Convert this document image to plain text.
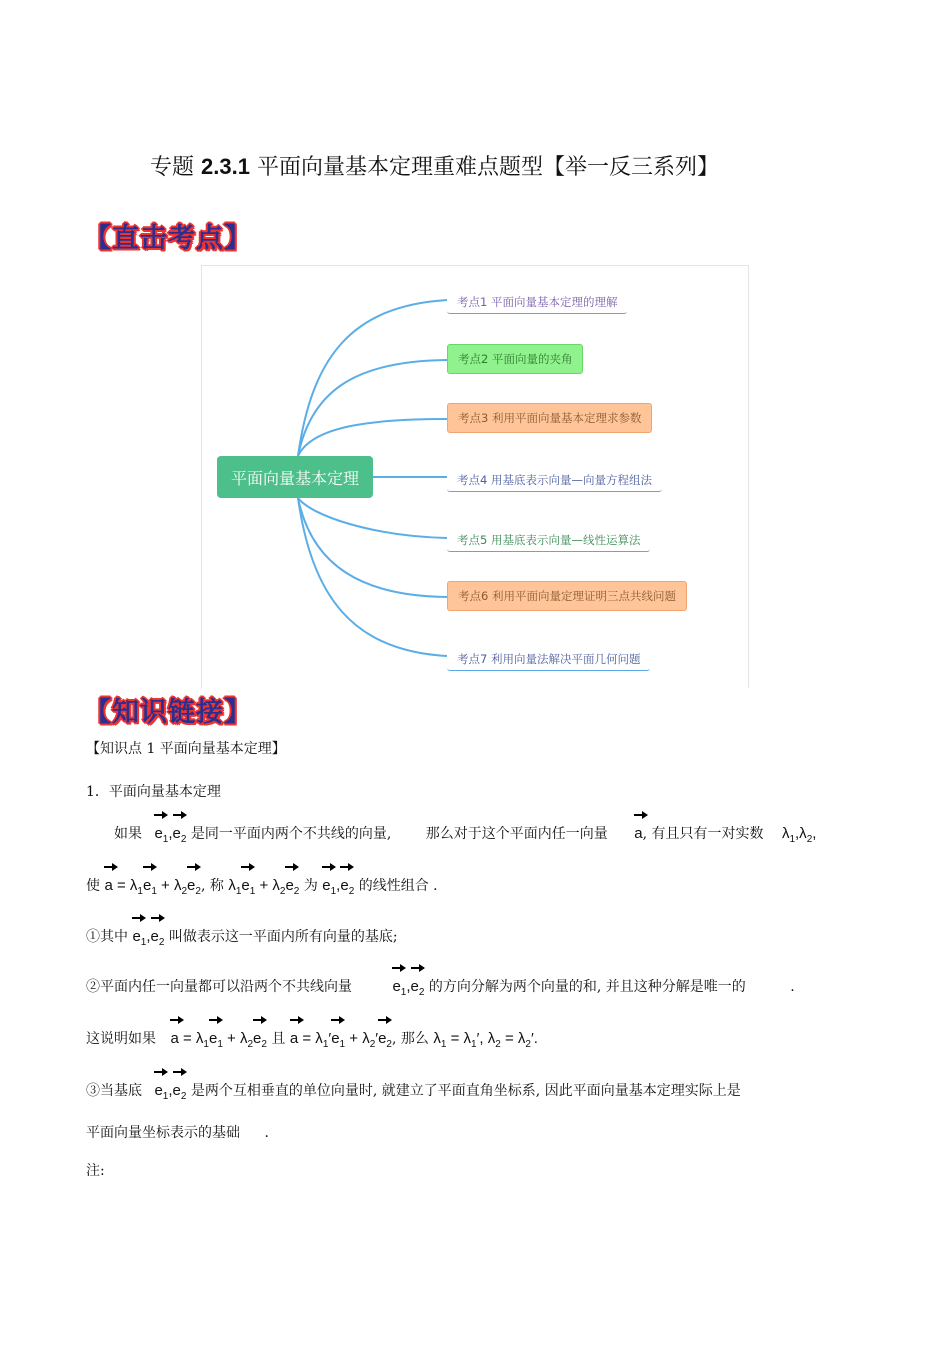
专题 2.3.1 平面向量基本定理重难点题型【举一反三系列】
【直击考点】
平面向量基本定理
考点1 平面向量基本定理的理解
考点2 平面向量的夹角
考点3 利用平面向量基本定理求参数
考点4 用基底表示向量—向量方程组法
考点5 用基底表示向量—线性运算法
考点6 利用平面向量定理证明三点共线问题
考点7 利用向量法解决平面几何问题
【知识链接】
【知识点 1 平面向量基本定理】
1．平面向量基本定理
如果 $e_1,e_2$ 是同一平面内两个不共线的向量, 那么对于这个平面内任一向量 a, 有且只有一对实数 $\lambda_1,\lambda_2$,
使 $a = \lambda_1e_1 + \lambda_2e_2$, 称 $\lambda_1e_1 + \lambda_2e_2$ 为 $e_1,e_2$ 的线性组合 .
①其中 $e_1,e_2$ 叫做表示这一平面内所有向量的基底;
②平面内任一向量都可以沿两个不共线向量	$e_1,e_2$ 的方向分解为两个向量的和, 并且这种分解是唯一的	.
这说明如果 $a = \lambda_1e_1 + \lambda_2e_2$ 且 $a = \lambda_1'e_1 + \lambda_2'e_2$, 那么 $\lambda_1 = \lambda_1'$, $\lambda_2 = \lambda_2'$.
③当基底 $e_1,e_2$ 是两个互相垂直的单位向量时, 就建立了平面直角坐标系, 因此平面向量基本定理实际上是
平面向量坐标表示的基础 .
注:
